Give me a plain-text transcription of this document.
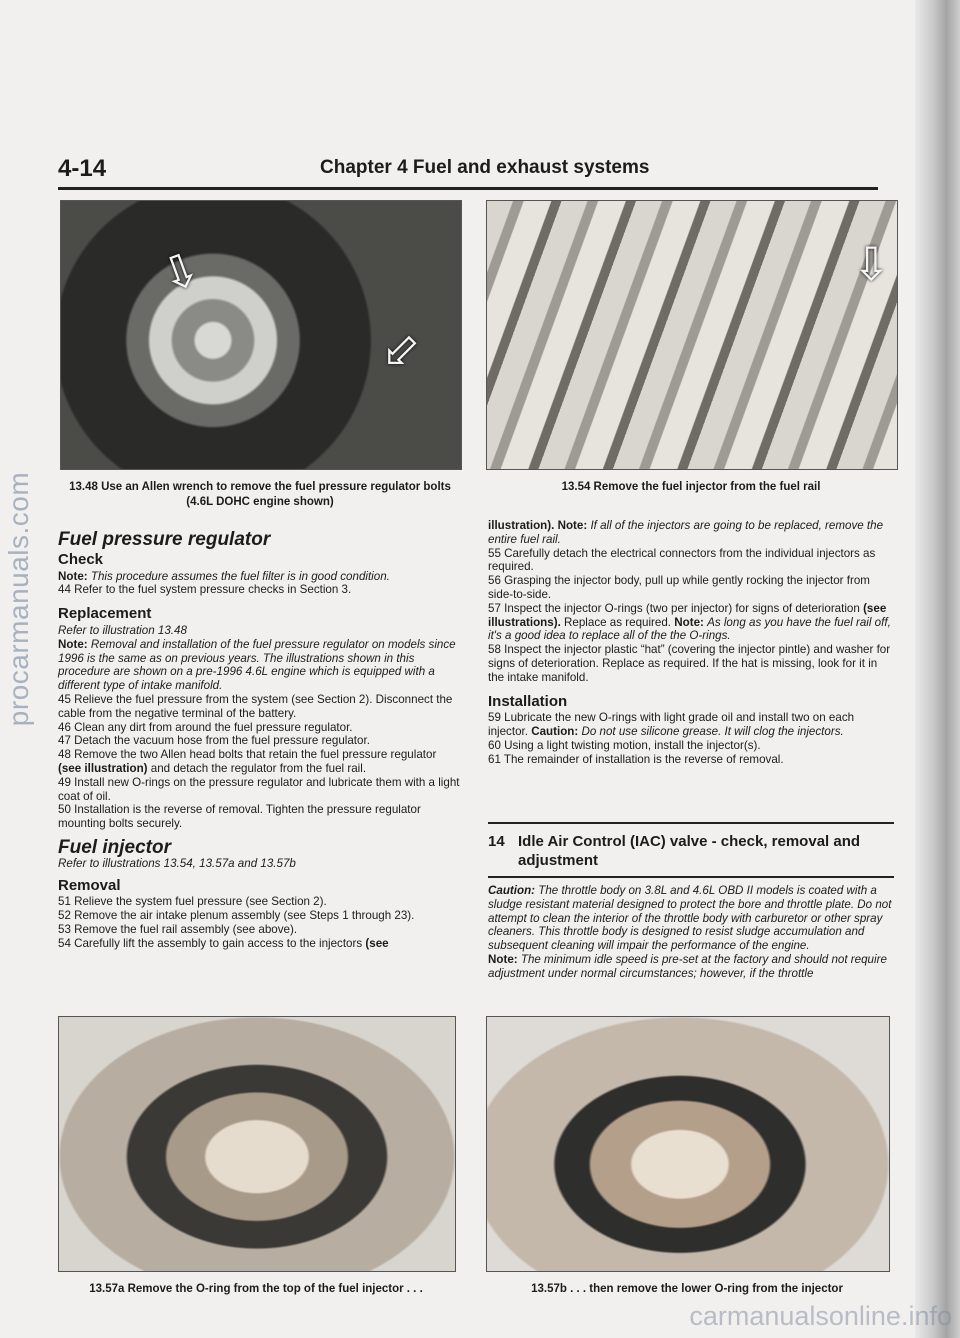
procarmanuals.com
4-14	Chapter 4 Fuel and exhaust systems
⇩
⇩
13.48 Use an Allen wrench to remove the fuel pressure regulator bolts (4.6L DOHC engine shown)
⇩
13.54 Remove the fuel injector from the fuel rail

Fuel pressure regulator

Check

Note: This procedure assumes the fuel filter is in good condition.

44 Refer to the fuel system pressure checks in Section 3.

Replacement

Refer to illustration 13.48

Note: Removal and installation of the fuel pressure regulator on models since 1996 is the same as on previous years. The illustrations shown in this procedure are shown on a pre-1996 4.6L engine which is equipped with a different type of intake manifold.

45 Relieve the fuel pressure from the system (see Section 2). Disconnect the cable from the negative terminal of the battery.

46 Clean any dirt from around the fuel pressure regulator.

47 Detach the vacuum hose from the fuel pressure regulator.

48 Remove the two Allen head bolts that retain the fuel pressure regulator (see illustration) and detach the regulator from the fuel rail.

49 Install new O-rings on the pressure regulator and lubricate them with a light coat of oil.

50 Installation is the reverse of removal. Tighten the pressure regulator mounting bolts securely.

Fuel injector

Refer to illustrations 13.54, 13.57a and 13.57b

Removal

51 Relieve the system fuel pressure (see Section 2).

52 Remove the air intake plenum assembly (see Steps 1 through 23).

53 Remove the fuel rail assembly (see above).

54 Carefully lift the assembly to gain access to the injectors (see

illustration). Note: If all of the injectors are going to be replaced, remove the entire fuel rail.

55 Carefully detach the electrical connectors from the individual injectors as required.

56 Grasping the injector body, pull up while gently rocking the injector from side-to-side.

57 Inspect the injector O-rings (two per injector) for signs of deterioration (see illustrations). Replace as required. Note: As long as you have the fuel rail off, it's a good idea to replace all of the the O-rings.

58 Inspect the injector plastic “hat” (covering the injector pintle) and washer for signs of deterioration. Replace as required. If the hat is missing, look for it in the intake manifold.

Installation

59 Lubricate the new O-rings with light grade oil and install two on each injector. Caution: Do not use silicone grease. It will clog the injectors.

60 Using a light twisting motion, install the injector(s).

61 The remainder of installation is the reverse of removal.

14 Idle Air Control (IAC) valve - check, removal and adjustment

Caution: The throttle body on 3.8L and 4.6L OBD II models is coated with a sludge resistant material designed to protect the bore and throttle plate. Do not attempt to clean the interior of the throttle body with carburetor or other spray cleaners. This throttle body is designed to resist sludge accumulation and subsequent cleaning will impair the performance of the engine.

Note: The minimum idle speed is pre-set at the factory and should not require adjustment under normal circumstances; however, if the throttle

13.57a Remove the O-ring from the top of the fuel injector . . .	13.57b . . . then remove the lower O-ring from the injector
carmanualsonline.info
